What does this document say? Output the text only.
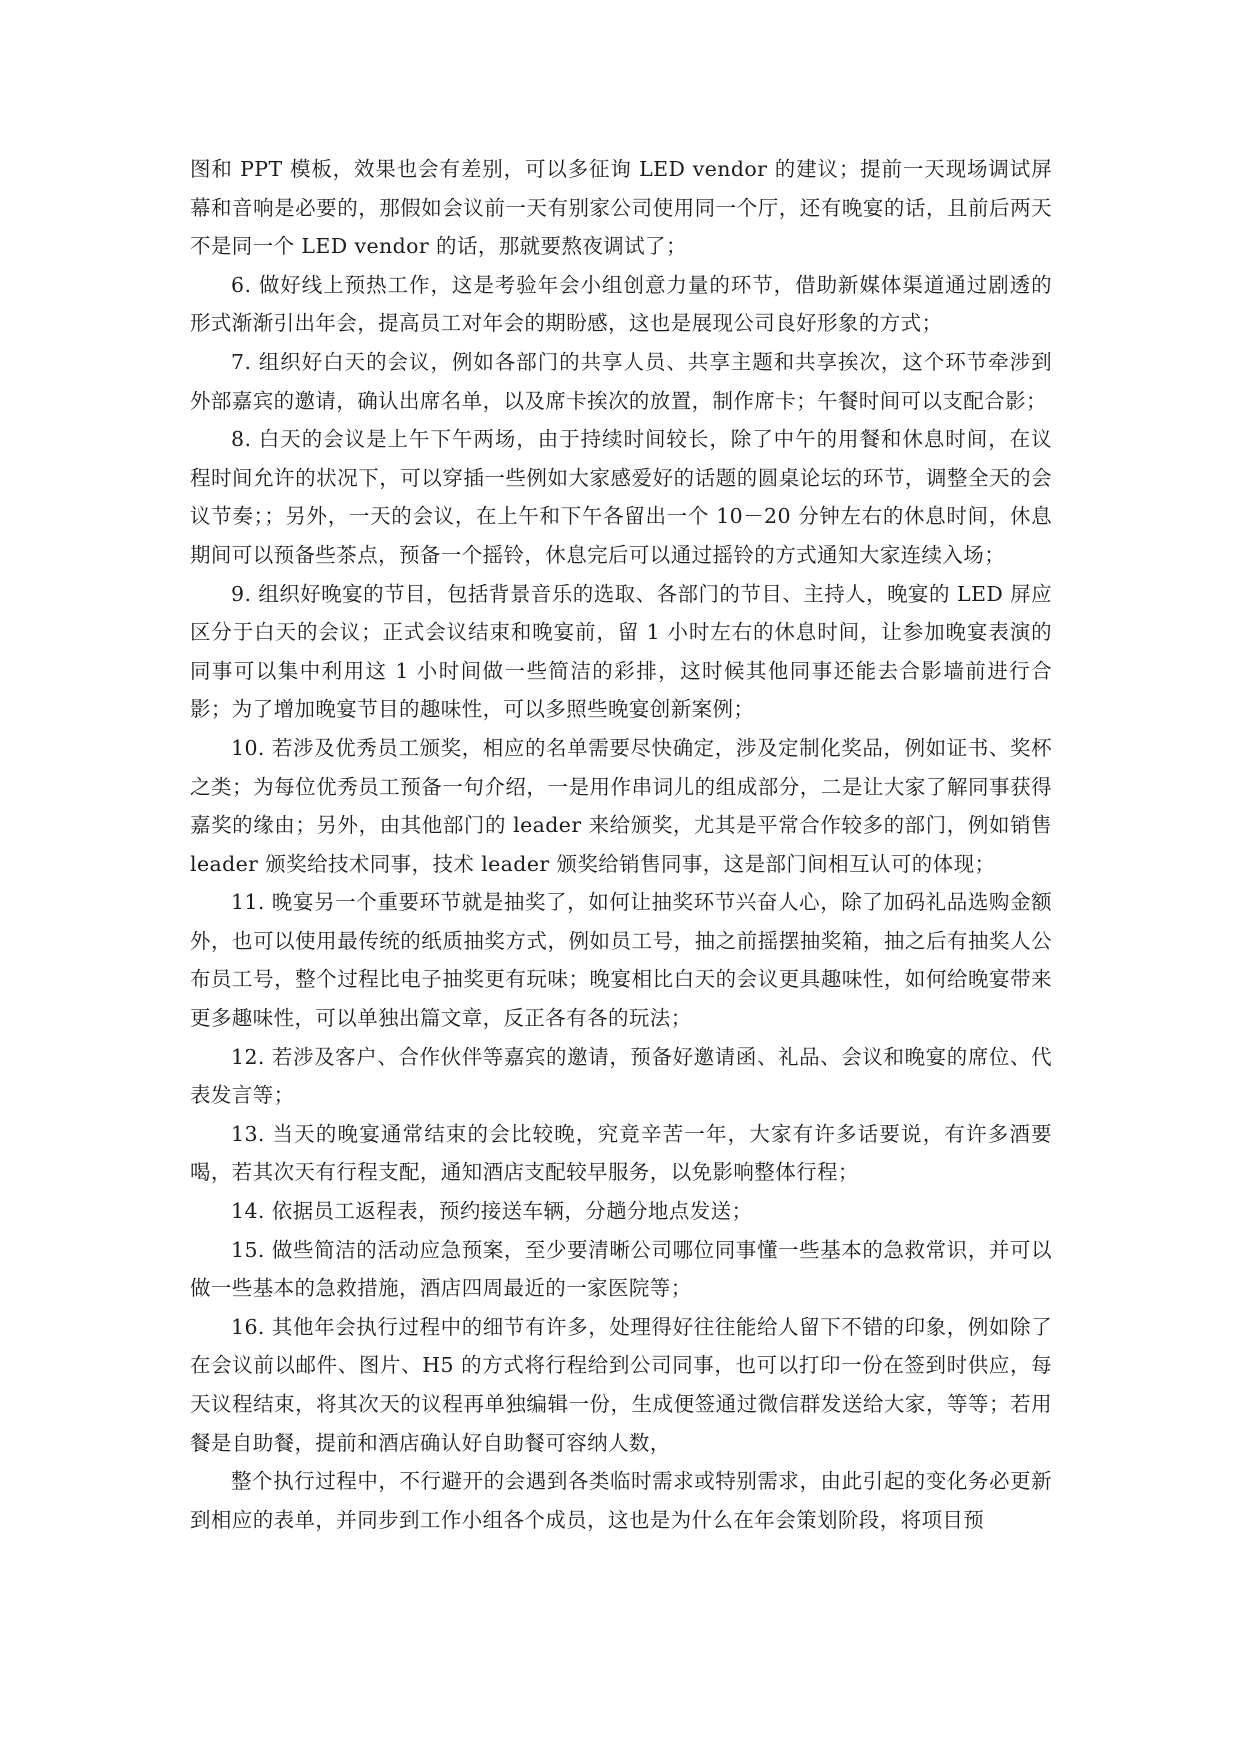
图和 PPT 模板，效果也会有差别，可以多征询 LED vendor 的建议；提前一天现场调试屏幕和音响是必要的，那假如会议前一天有别家公司使用同一个厅，还有晚宴的话，且前后两天不是同一个 LED vendor 的话，那就要熬夜调试了；

6. 做好线上预热工作，这是考验年会小组创意力量的环节，借助新媒体渠道通过剧透的形式渐渐引出年会，提高员工对年会的期盼感，这也是展现公司良好形象的方式；

7. 组织好白天的会议，例如各部门的共享人员、共享主题和共享挨次，这个环节牵涉到外部嘉宾的邀请，确认出席名单，以及席卡挨次的放置，制作席卡；午餐时间可以支配合影；

8. 白天的会议是上午下午两场，由于持续时间较长，除了中午的用餐和休息时间，在议程时间允许的状况下，可以穿插一些例如大家感爱好的话题的圆桌论坛的环节，调整全天的会议节奏；；另外，一天的会议，在上午和下午各留出一个 10－20 分钟左右的休息时间，休息期间可以预备些茶点，预备一个摇铃，休息完后可以通过摇铃的方式通知大家连续入场；

9. 组织好晚宴的节目，包括背景音乐的选取、各部门的节目、主持人，晚宴的 LED 屏应区分于白天的会议；正式会议结束和晚宴前，留 1 小时左右的休息时间，让参加晚宴表演的同事可以集中利用这 1 小时间做一些简洁的彩排，这时候其他同事还能去合影墙前进行合影；为了增加晚宴节目的趣味性，可以多照些晚宴创新案例；

10. 若涉及优秀员工颁奖，相应的名单需要尽快确定，涉及定制化奖品，例如证书、奖杯之类；为每位优秀员工预备一句介绍，一是用作串词儿的组成部分，二是让大家了解同事获得嘉奖的缘由；另外，由其他部门的 leader 来给颁奖，尤其是平常合作较多的部门，例如销售 leader 颁奖给技术同事，技术 leader 颁奖给销售同事，这是部门间相互认可的体现；

11. 晚宴另一个重要环节就是抽奖了，如何让抽奖环节兴奋人心，除了加码礼品选购金额外，也可以使用最传统的纸质抽奖方式，例如员工号，抽之前摇摆抽奖箱，抽之后有抽奖人公布员工号，整个过程比电子抽奖更有玩味；晚宴相比白天的会议更具趣味性，如何给晚宴带来更多趣味性，可以单独出篇文章，反正各有各的玩法；

12. 若涉及客户、合作伙伴等嘉宾的邀请，预备好邀请函、礼品、会议和晚宴的席位、代表发言等；

13. 当天的晚宴通常结束的会比较晚，究竟辛苦一年，大家有许多话要说，有许多酒要喝，若其次天有行程支配，通知酒店支配较早服务，以免影响整体行程；

14. 依据员工返程表，预约接送车辆，分趟分地点发送；

15. 做些简洁的活动应急预案，至少要清晰公司哪位同事懂一些基本的急救常识，并可以做一些基本的急救措施，酒店四周最近的一家医院等；

16. 其他年会执行过程中的细节有许多，处理得好往往能给人留下不错的印象，例如除了在会议前以邮件、图片、H5 的方式将行程给到公司同事，也可以打印一份在签到时供应，每天议程结束，将其次天的议程再单独编辑一份，生成便签通过微信群发送给大家，等等；若用餐是自助餐，提前和酒店确认好自助餐可容纳人数，

整个执行过程中，不行避开的会遇到各类临时需求或特别需求，由此引起的变化务必更新到相应的表单，并同步到工作小组各个成员，这也是为什么在年会策划阶段，将项目预
